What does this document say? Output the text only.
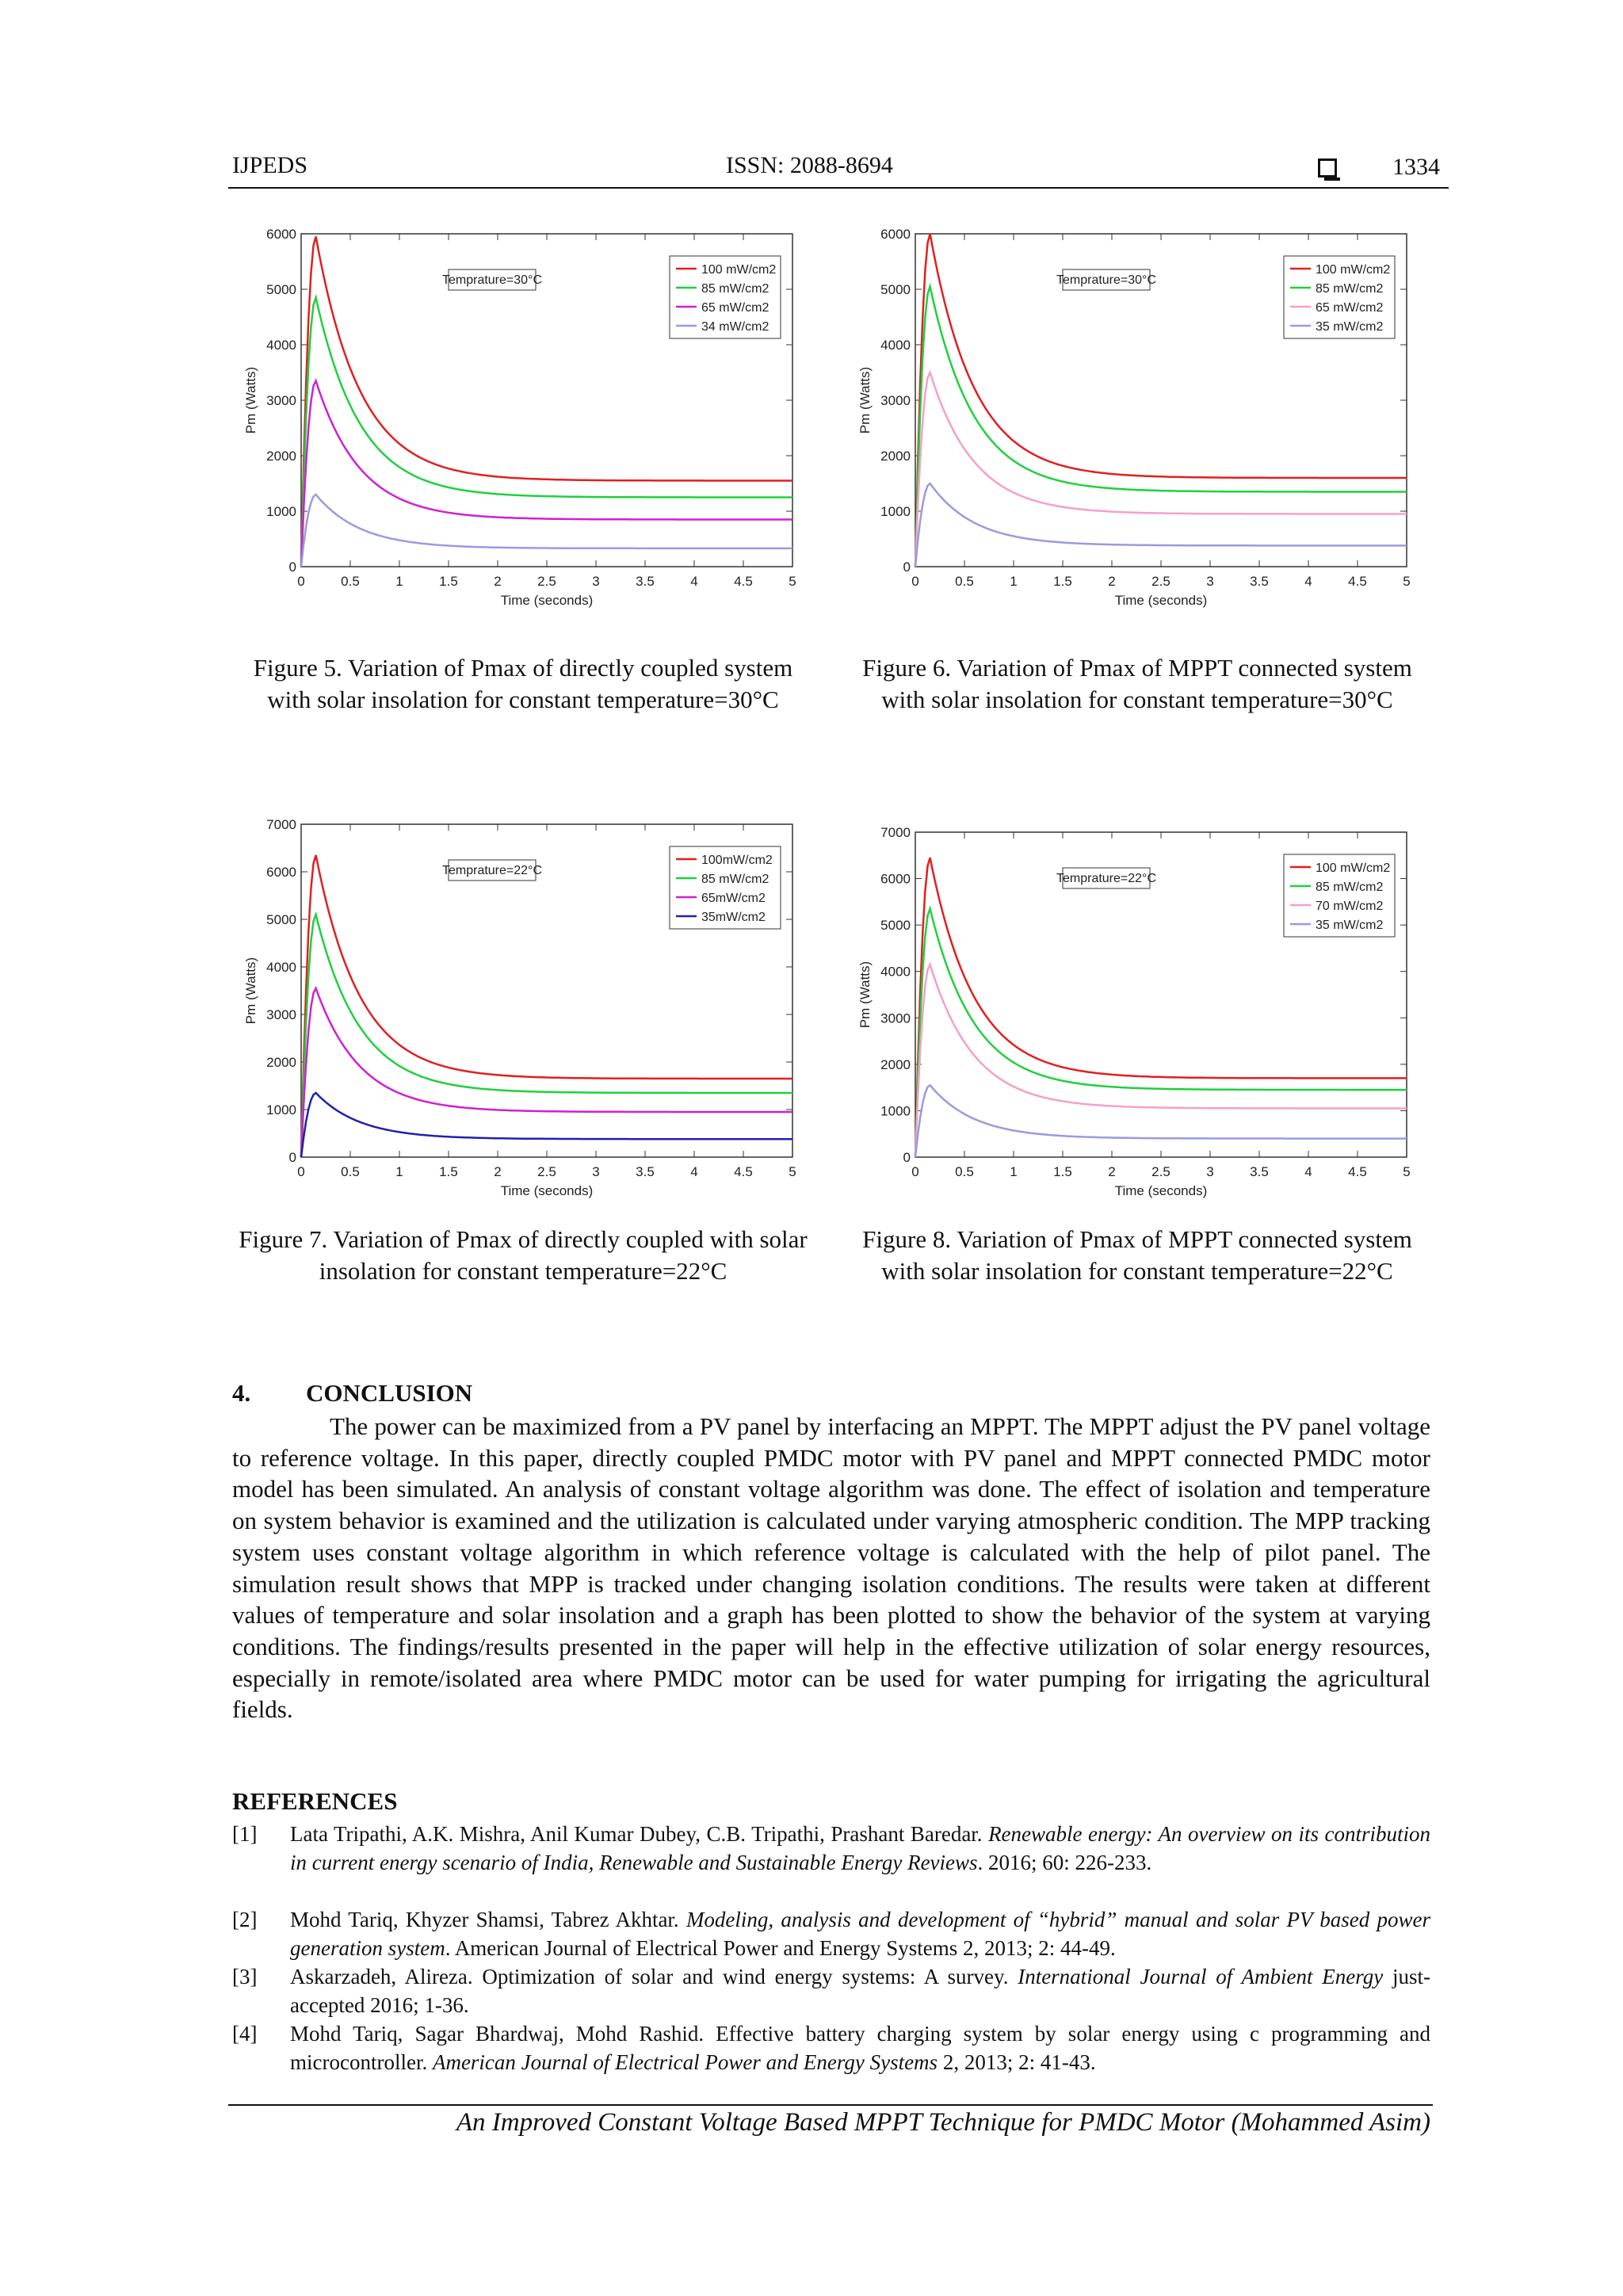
IJPEDS	ISSN: 2088-8694	1334
0	0.5	1	1.5	2	2.5	3	3.5	4	4.5	5
0
1000
2000
3000
4000
5000
6000
Time (seconds)
Pm (Watts)
Temprature=30°C
100 mW/cm2
85 mW/cm2
65 mW/cm2
34 mW/cm2
Figure 5. Variation of Pmax of directly coupled system with solar insolation for constant temperature=30°C
0	0.5	1	1.5	2	2.5	3	3.5	4	4.5	5
0
1000
2000
3000
4000
5000
6000
Time (seconds)
Pm (Watts)
Temprature=30°C
100 mW/cm2
85 mW/cm2
65 mW/cm2
35 mW/cm2
Figure 6. Variation of Pmax of MPPT connected system with solar insolation for constant temperature=30°C
0	0.5	1	1.5	2	2.5	3	3.5	4	4.5	5
0
1000
2000
3000
4000
5000
6000
7000
Time (seconds)
Pm (Watts)
Temprature=22°C
100mW/cm2
85 mW/cm2
65mW/cm2
35mW/cm2
Figure 7. Variation of Pmax of directly coupled with solar insolation for constant temperature=22°C
0	0.5	1	1.5	2	2.5	3	3.5	4	4.5	5
0
1000
2000
3000
4000
5000
6000
7000
Time (seconds)
Pm (Watts)
Temprature=22°C
100 mW/cm2
85 mW/cm2
70 mW/cm2
35 mW/cm2
Figure 8. Variation of Pmax of MPPT connected system with solar insolation for constant temperature=22°C
4. CONCLUSION
The power can be maximized from a PV panel by interfacing an MPPT. The MPPT adjust the PV panel voltage to reference voltage. In this paper, directly coupled PMDC motor with PV panel and MPPT connected PMDC motor model has been simulated. An analysis of constant voltage algorithm was done. The effect of isolation and temperature on system behavior is examined and the utilization is calculated under varying atmospheric condition. The MPP tracking system uses constant voltage algorithm in which reference voltage is calculated with the help of pilot panel. The simulation result shows that MPP is tracked under changing isolation conditions. The results were taken at different values of temperature and solar insolation and a graph has been plotted to show the behavior of the system at varying conditions. The findings/results presented in the paper will help in the effective utilization of solar energy resources, especially in remote/isolated area where PMDC motor can be used for water pumping for irrigating the agricultural fields.
REFERENCES
[1] Lata Tripathi, A.K. Mishra, Anil Kumar Dubey, C.B. Tripathi, Prashant Baredar. Renewable energy: An overview on its contribution in current energy scenario of India, Renewable and Sustainable Energy Reviews. 2016; 60: 226-233.
[2] Mohd Tariq, Khyzer Shamsi, Tabrez Akhtar. Modeling, analysis and development of “hybrid” manual and solar PV based power generation system. American Journal of Electrical Power and Energy Systems 2, 2013; 2: 44-49.
[3] Askarzadeh, Alireza. Optimization of solar and wind energy systems: A survey. International Journal of Ambient Energy just-accepted 2016; 1-36.
[4] Mohd Tariq, Sagar Bhardwaj, Mohd Rashid. Effective battery charging system by solar energy using c programming and microcontroller. American Journal of Electrical Power and Energy Systems 2, 2013; 2: 41-43.
An Improved Constant Voltage Based MPPT Technique for PMDC Motor (Mohammed Asim)
